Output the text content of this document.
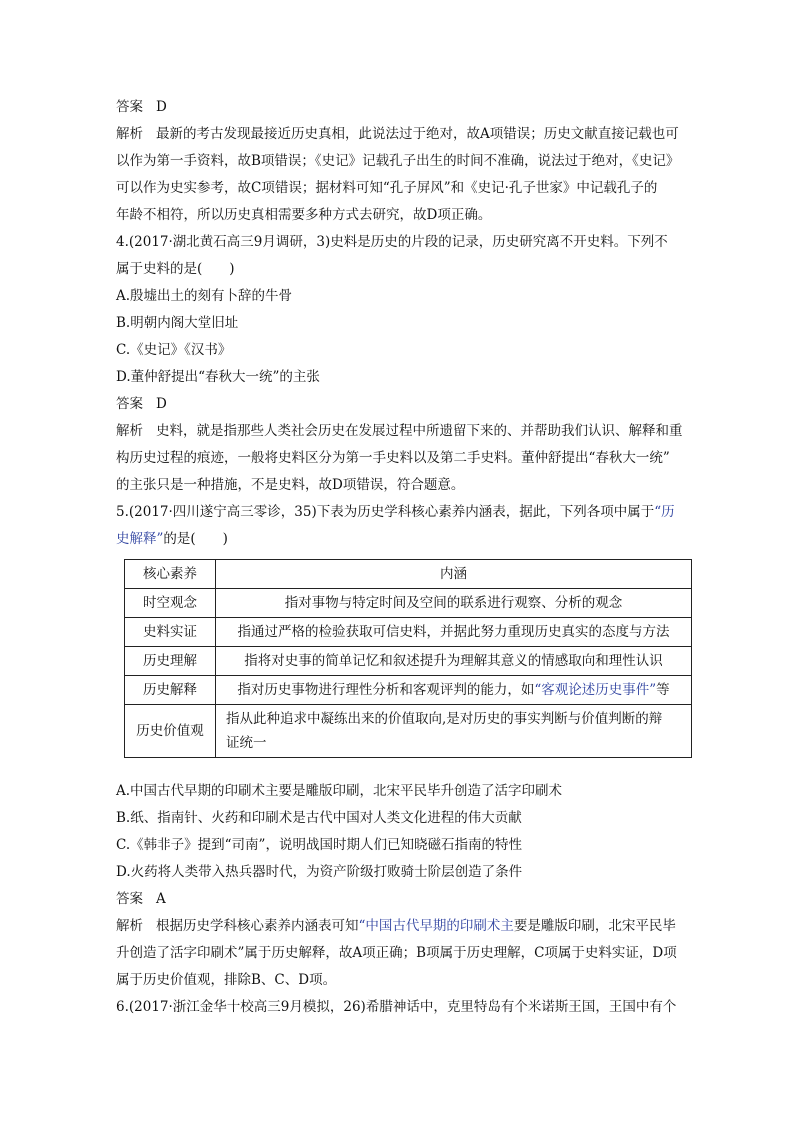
答案 D

解析 最新的考古发现最接近历史真相，此说法过于绝对，故A项错误；历史文献直接记载也可

以作为第一手资料，故B项错误；《史记》记载孔子出生的时间不准确，说法过于绝对，《史记》

可以作为史实参考，故C项错误；据材料可知“孔子屏风”和《史记·孔子世家》中记载孔子的

年龄不相符，所以历史真相需要多种方式去研究，故D项正确。

4.(2017·湖北黄石高三9月调研，3)史料是历史的片段的记录，历史研究离不开史料。下列不

属于史料的是(　　)

A.殷墟出土的刻有卜辞的牛骨

B.明朝内阁大堂旧址

C.《史记》《汉书》

D.董仲舒提出“春秋大一统”的主张

答案 D

解析 史料，就是指那些人类社会历史在发展过程中所遗留下来的、并帮助我们认识、解释和重

构历史过程的痕迹，一般将史料区分为第一手史料以及第二手史料。董仲舒提出“春秋大一统”

的主张只是一种措施，不是史料，故D项错误，符合题意。

5.(2017·四川遂宁高三零诊，35)下表为历史学科核心素养内涵表，据此，下列各项中属于“历

史解释”的是(　　)

核心素养	内涵
时空观念	指对事物与特定时间及空间的联系进行观察、分析的观念
史料实证	指通过严格的检验获取可信史料，并据此努力重现历史真实的态度与方法
历史理解	指将对史事的简单记忆和叙述提升为理解其意义的情感取向和理性认识
历史解释	指对历史事物进行理性分析和客观评判的能力，如“客观论述历史事件”等
历史价值观	指从此种追求中凝练出来的价值取向,是对历史的事实判断与价值判断的辩
证统一

A.中国古代早期的印刷术主要是雕版印刷，北宋平民毕升创造了活字印刷术

B.纸、指南针、火药和印刷术是古代中国对人类文化进程的伟大贡献

C.《韩非子》提到“司南”，说明战国时期人们已知晓磁石指南的特性

D.火药将人类带入热兵器时代，为资产阶级打败骑士阶层创造了条件

答案 A

解析 根据历史学科核心素养内涵表可知“中国古代早期的印刷术主要是雕版印刷，北宋平民毕

升创造了活字印刷术”属于历史解释，故A项正确；B项属于历史理解，C项属于史料实证，D项

属于历史价值观，排除B、C、D项。

6.(2017·浙江金华十校高三9月模拟，26)希腊神话中，克里特岛有个米诺斯王国，王国中有个
